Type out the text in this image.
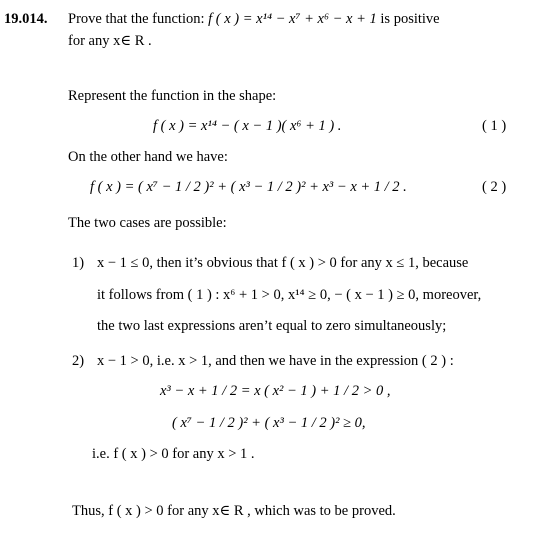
19.014. Prove that the function: f ( x ) = x¹⁴ − x⁷ + x⁶ − x + 1 is positive
for any x∈ R .
Represent the function in the shape:
f ( x ) = x¹⁴ − ( x − 1 )( x⁶ + 1 ) .	( 1 )
On the other hand we have:
f ( x ) = ( x⁷ − 1 / 2 )² + ( x³ − 1 / 2 )² + x³ − x + 1 / 2 .	( 2 )
The two cases are possible:
1) x − 1 ≤ 0, then it’s obvious that f ( x ) > 0 for any x ≤ 1, because
it follows from ( 1 ) : x⁶ + 1 > 0, x¹⁴ ≥ 0, − ( x − 1 ) ≥ 0, moreover,
the two last expressions aren’t equal to zero simultaneously;
2) x − 1 > 0, i.e. x > 1, and then we have in the expression ( 2 ) :
x³ − x + 1 / 2 = x ( x² − 1 ) + 1 / 2 > 0 ,
( x⁷ − 1 / 2 )² + ( x³ − 1 / 2 )² ≥ 0,
i.e. f ( x ) > 0 for any x > 1 .
Thus, f ( x ) > 0 for any x∈ R , which was to be proved.
